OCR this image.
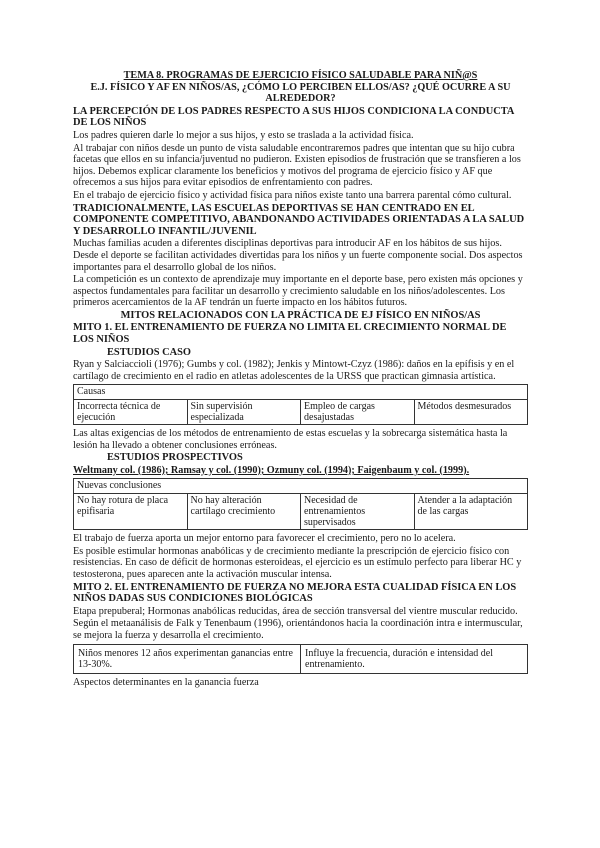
TEMA 8. PROGRAMAS DE EJERCICIO FÍSICO SALUDABLE PARA NIÑ@S
E.J. FÍSICO Y AF EN NIÑOS/AS, ¿CÓMO LO PERCIBEN ELLOS/AS? ¿QUÉ OCURRE A SU ALREDEDOR?
LA PERCEPCIÓN DE LOS PADRES RESPECTO A SUS HIJOS CONDICIONA LA CONDUCTA DE LOS NIÑOS

Los padres quieren darle lo mejor a sus hijos, y esto se traslada a la actividad física.

Al trabajar con niños desde un punto de vista saludable encontraremos padres que intentan que su hijo cubra facetas que ellos en su infancia/juventud no pudieron. Existen episodios de frustración que se transfieren a los hijos. Debemos explicar claramente los beneficios y motivos del programa de ejercicio físico y AF que ofrecemos a sus hijos para evitar episodios de enfrentamiento con padres.

En el trabajo de ejercicio físico y actividad física para niños existe tanto una barrera parental cómo cultural.

TRADICIONALMENTE, LAS ESCUELAS DEPORTIVAS SE HAN CENTRADO EN EL COMPONENTE COMPETITIVO, ABANDONANDO ACTIVIDADES ORIENTADAS A LA SALUD Y DESARROLLO INFANTIL/JUVENIL

Muchas familias acuden a diferentes disciplinas deportivas para introducir AF en los hábitos de sus hijos. Desde el deporte se facilitan actividades divertidas para los niños y un fuerte componente social. Dos aspectos importantes para el desarrollo global de los niños.

La competición es un contexto de aprendizaje muy importante en el deporte base, pero existen más opciones y aspectos fundamentales para facilitar un desarrollo y crecimiento saludable en los niños/adolescentes. Los primeros acercamientos de la AF tendrán un fuerte impacto en los hábitos futuros.

MITOS RELACIONADOS CON LA PRÁCTICA DE EJ FÍSICO EN NIÑOS/AS
MITO 1. EL ENTRENAMIENTO DE FUERZA NO LIMITA EL CRECIMIENTO NORMAL DE LOS NIÑOS
ESTUDIOS CASO

Ryan y Salciaccioli (1976); Gumbs y col. (1982); Jenkis y Mintowt-Czyz (1986): daños en la epífisis y en el cartílago de crecimiento en el radio en atletas adolescentes de la URSS que practican gimnasia artística.

Causas
Incorrecta técnica de ejecución	Sin supervisión especializada	Empleo de cargas desajustadas	Métodos desmesurados

Las altas exigencias de los métodos de entrenamiento de estas escuelas y la sobrecarga sistemática hasta la lesión ha llevado a obtener conclusiones erróneas.

ESTUDIOS PROSPECTIVOS

Weltmany col. (1986); Ramsay y col. (1990); Ozmuny col. (1994); Faigenbaum y col. (1999).

Nuevas conclusiones
No hay rotura de placa epifisaria	No hay alteración cartílago crecimiento	Necesidad de entrenamientos supervisados	Atender a la adaptación de las cargas

El trabajo de fuerza aporta un mejor entorno para favorecer el crecimiento, pero no lo acelera.

Es posible estimular hormonas anabólicas y de crecimiento mediante la prescripción de ejercicio físico con resistencias. En caso de déficit de hormonas esteroideas, el ejercicio es un estímulo perfecto para liberar HC y testosterona, pues aparecen ante la activación muscular intensa.

MITO 2. EL ENTRENAMIENTO DE FUERZA NO MEJORA ESTA CUALIDAD FÍSICA EN LOS NIÑOS DADAS SUS CONDICIONES BIOLÓGICAS

Etapa prepuberal; Hormonas anabólicas reducidas, área de sección transversal del vientre muscular reducido.

Según el metaanálisis de Falk y Tenenbaum (1996), orientándonos hacia la coordinación intra e intermuscular, se mejora la fuerza y desarrolla el crecimiento.

Niños menores 12 años experimentan ganancias entre 13-30%.	Influye la frecuencia, duración e intensidad del entrenamiento.

Aspectos determinantes en la ganancia fuerza
